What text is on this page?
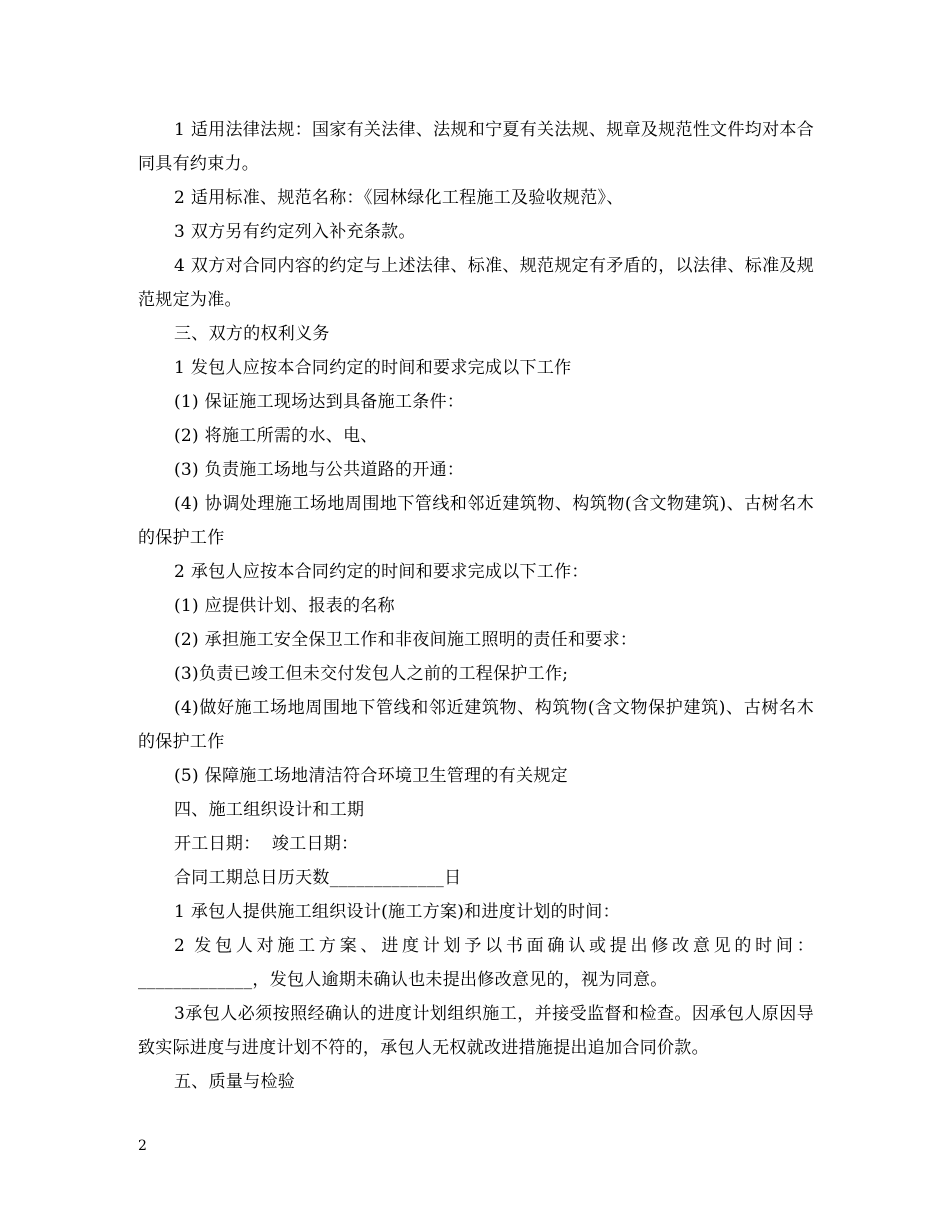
1 适用法律法规：国家有关法律、法规和宁夏有关法规、规章及规范性文件均对本合同具有约束力。

2 适用标准、规范名称：《园林绿化工程施工及验收规范》、

3 双方另有约定列入补充条款。

4 双方对合同内容的约定与上述法律、标准、规范规定有矛盾的，以法律、标准及规范规定为准。

三、双方的权利义务

1 发包人应按本合同约定的时间和要求完成以下工作

(1) 保证施工现场达到具备施工条件：

(2) 将施工所需的水、电、

(3) 负责施工场地与公共道路的开通：

(4) 协调处理施工场地周围地下管线和邻近建筑物、构筑物(含文物建筑)、古树名木的保护工作

2 承包人应按本合同约定的时间和要求完成以下工作：

(1) 应提供计划、报表的名称

(2) 承担施工安全保卫工作和非夜间施工照明的责任和要求：

(3)负责已竣工但未交付发包人之前的工程保护工作;

(4)做好施工场地周围地下管线和邻近建筑物、构筑物(含文物保护建筑)、古树名木的保护工作

(5) 保障施工场地清洁符合环境卫生管理的有关规定

四、施工组织设计和工期

开工日期：  竣工日期：

合同工期总日历天数_____________日

1 承包人提供施工组织设计(施工方案)和进度计划的时间：

2 发包人对施工方案、进度计划予以书面确认或提出修改意见的时间：_____________，发包人逾期未确认也未提出修改意见的，视为同意。

3承包人必须按照经确认的进度计划组织施工，并接受监督和检查。因承包人原因导致实际进度与进度计划不符的，承包人无权就改进措施提出追加合同价款。

五、质量与检验

2
